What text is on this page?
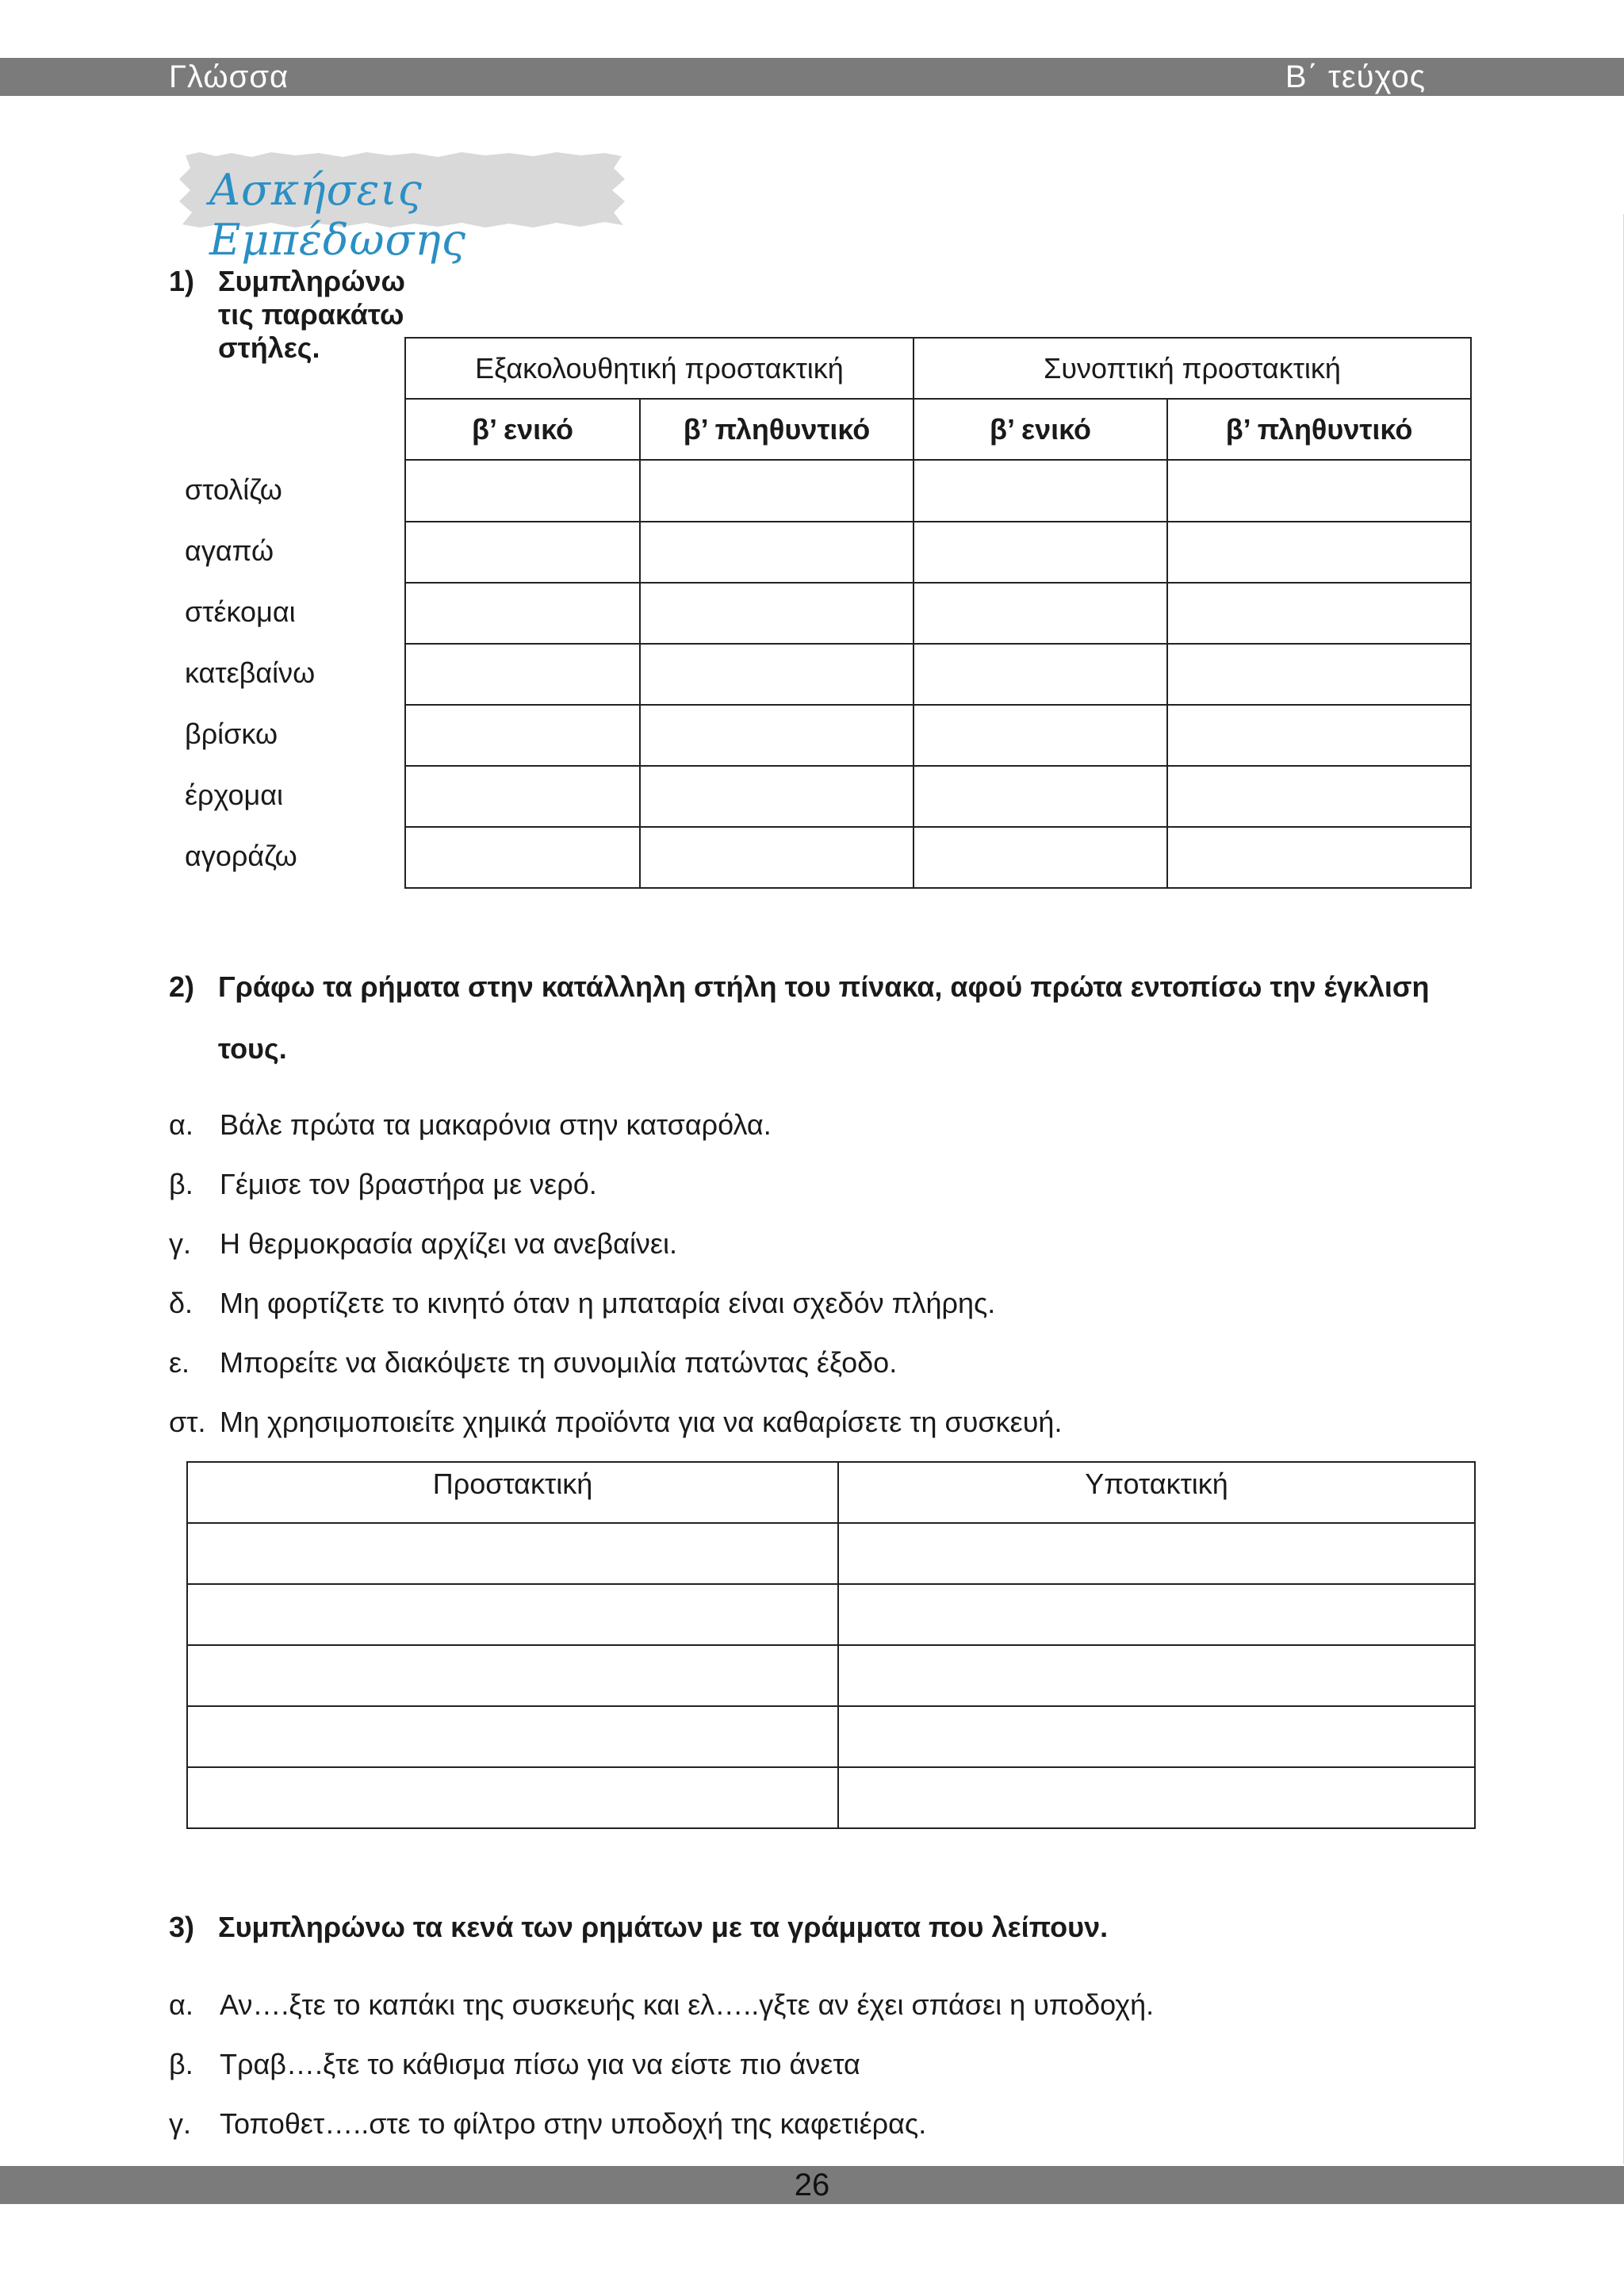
Γλώσσα	Β΄ τεύχος
Ασκήσεις Εμπέδωσης
1) Συμπληρώνω τις παρακάτω στήλες.
Εξακολουθητική προστακτική		Συνοπτική προστακτική	
β’ ενικό	β’ πληθυντικό	β’ ενικό	β’ πληθυντικό

στολίζω
αγαπώ
στέκομαι
κατεβαίνω
βρίσκω
έρχομαι
αγοράζω
2) Γράφω τα ρήματα στην κατάλληλη στήλη του πίνακα, αφού πρώτα εντοπίσω την έγκλιση
τους.
α. Βάλε πρώτα τα μακαρόνια στην κατσαρόλα.
β. Γέμισε τον βραστήρα με νερό.
γ. Η θερμοκρασία αρχίζει να ανεβαίνει.
δ. Μη φορτίζετε το κινητό όταν η μπαταρία είναι σχεδόν πλήρης.
ε. Μπορείτε να διακόψετε τη συνομιλία πατώντας έξοδο.
στ. Μη χρησιμοποιείτε χημικά προϊόντα για να καθαρίσετε τη συσκευή.
Προστακτική	Υποτακτική

3) Συμπληρώνω τα κενά των ρημάτων με τα γράμματα που λείπουν.
α. Αν….ξτε το καπάκι της συσκευής και ελ…..γξτε αν έχει σπάσει η υποδοχή.
β. Τραβ….ξτε το κάθισμα πίσω για να είστε πιο άνετα
γ. Τοποθετ…..στε το φίλτρο στην υποδοχή της καφετιέρας.
26
